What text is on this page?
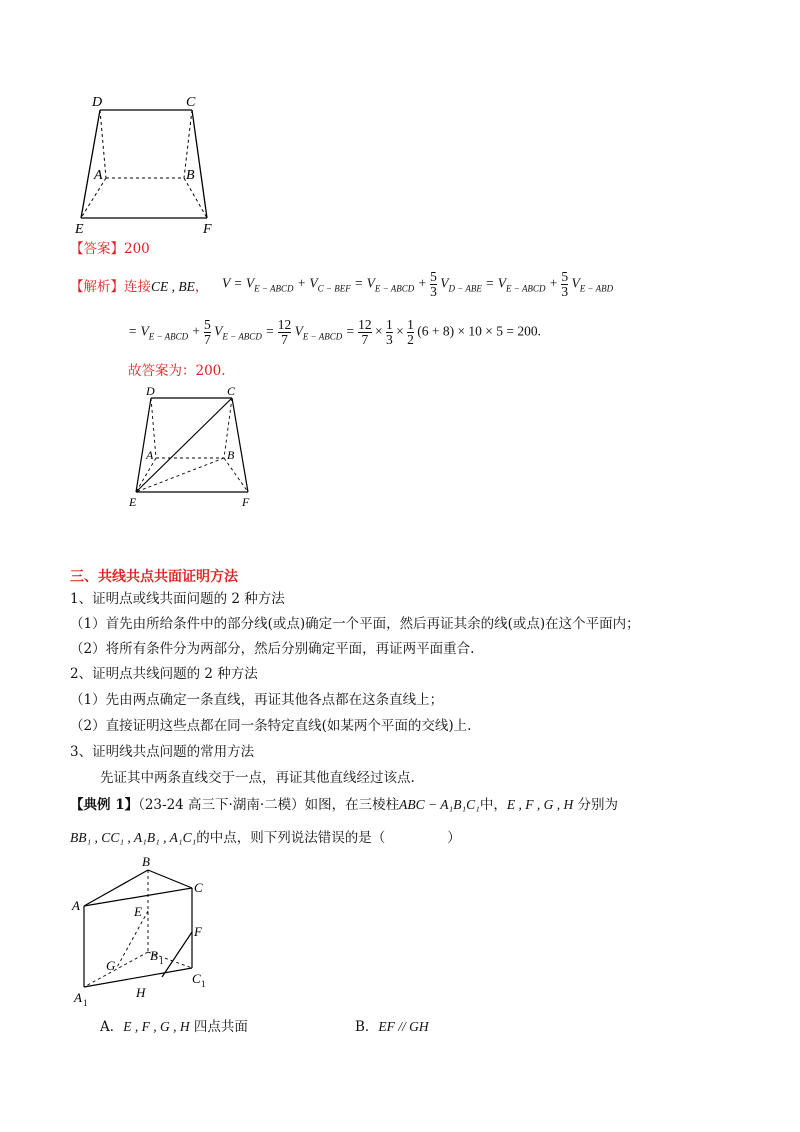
D	C
A	B
E	F
【答案】200
【解析】连接CE , BE， $V = V_{E - ABCD} + V_{C - BEF} = V_{E - ABCD} + \frac{5}{3} V_{D - ABE} = V_{E - ABCD} + \frac{5}{3} V_{E - ABD}$
= $V_{E - ABCD} + \frac{5}{7} V_{E - ABCD} = \frac{12}{7} V_{E - ABCD} = \frac{12}{7} \times \frac{1}{3} \times \frac{1}{2} (6 + 8) \times 10 \times 5 = 200$.
故答案为：200.
D	C
A	B
E	F
三、共线共点共面证明方法
1、证明点或线共面问题的 2 种方法
（1）首先由所给条件中的部分线(或点)确定一个平面，然后再证其余的线(或点)在这个平面内；
（2）将所有条件分为两部分，然后分别确定平面，再证两平面重合.
2、证明点共线问题的 2 种方法
（1）先由两点确定一条直线，再证其他各点都在这条直线上；
（2）直接证明这些点都在同一条特定直线(如某两个平面的交线)上.
3、证明线共点问题的常用方法
先证其中两条直线交于一点，再证其他直线经过该点.
【典例 1】（23-24 高三下·湖南·二模）如图，在三棱柱ABC − A₁B₁C₁中，E , F , G , H 分别为
BB₁ , CC₁ , A₁B₁ , A₁C₁的中点，则下列说法错误的是（	）
B
C
A	E
F
G
B 1
C 1
A 1
H
A．E , F , G , H 四点共面	B．EF // GH
